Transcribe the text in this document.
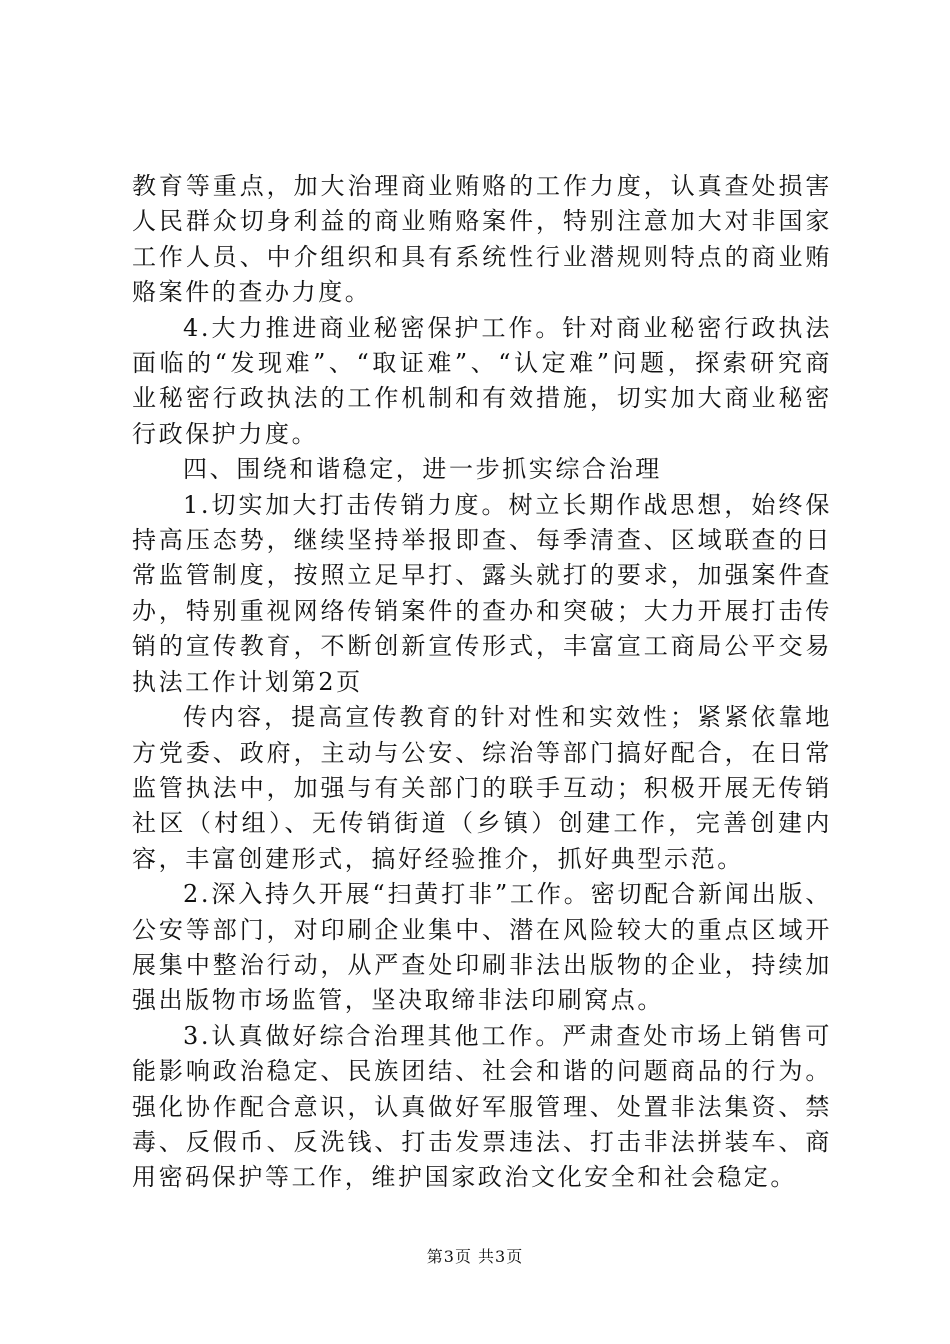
教育等重点，加大治理商业贿赂的工作力度，认真查处损害人民群众切身利益的商业贿赂案件，特别注意加大对非国家工作人员、中介组织和具有系统性行业潜规则特点的商业贿赂案件的查办力度。

4.大力推进商业秘密保护工作。针对商业秘密行政执法面临的“发现难”、“取证难”、“认定难”问题，探索研究商业秘密行政执法的工作机制和有效措施，切实加大商业秘密行政保护力度。

四、围绕和谐稳定，进一步抓实综合治理

1.切实加大打击传销力度。树立长期作战思想，始终保持高压态势，继续坚持举报即查、每季清查、区域联查的日常监管制度，按照立足早打、露头就打的要求，加强案件查办，特别重视网络传销案件的查办和突破；大力开展打击传销的宣传教育，不断创新宣传形式，丰富宣工商局公平交易执法工作计划第2页

传内容，提高宣传教育的针对性和实效性；紧紧依靠地方党委、政府，主动与公安、综治等部门搞好配合，在日常监管执法中，加强与有关部门的联手互动；积极开展无传销社区（村组）、无传销街道（乡镇）创建工作，完善创建内容，丰富创建形式，搞好经验推介，抓好典型示范。

2.深入持久开展“扫黄打非”工作。密切配合新闻出版、公安等部门，对印刷企业集中、潜在风险较大的重点区域开展集中整治行动，从严查处印刷非法出版物的企业，持续加强出版物市场监管，坚决取缔非法印刷窝点。

3.认真做好综合治理其他工作。严肃查处市场上销售可能影响政治稳定、民族团结、社会和谐的问题商品的行为。强化协作配合意识，认真做好军服管理、处置非法集资、禁毒、反假币、反洗钱、打击发票违法、打击非法拼装车、商用密码保护等工作，维护国家政治文化安全和社会稳定。

第3页 共3页
